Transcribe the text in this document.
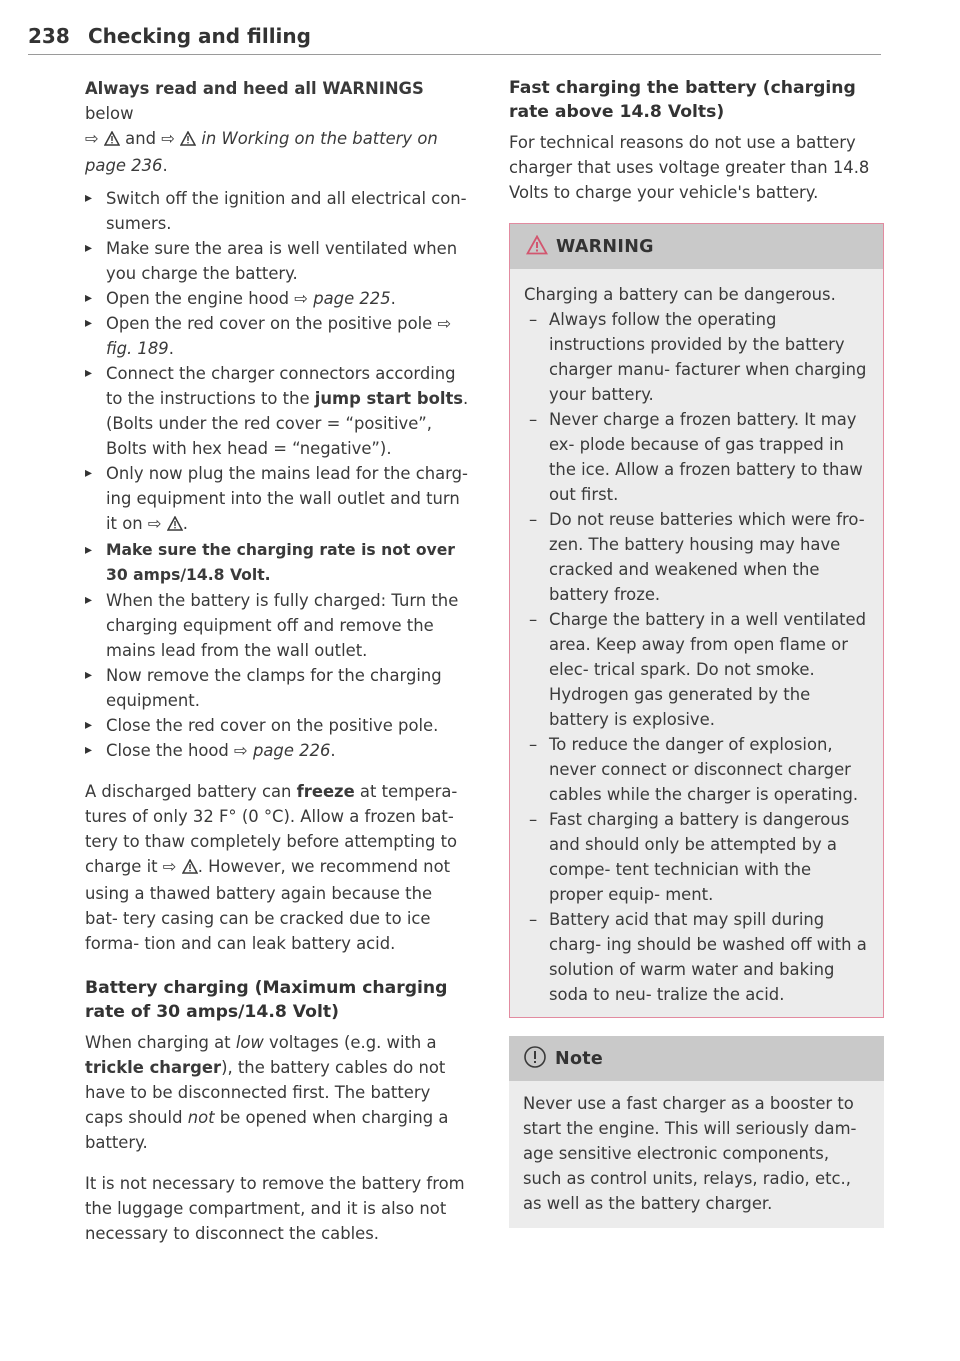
238 Checking and filling

Always read and heed all WARNINGS below
⇨  and ⇨  in Working on the battery on page 236.

▸ Switch off the ignition and all electrical con- sumers.
▸ Make sure the area is well ventilated when you charge the battery.
▸ Open the engine hood ⇨ page 225.
▸ Open the red cover on the positive pole ⇨ fig. 189.
▸ Connect the charger connectors according to the instructions to the jump start bolts. (Bolts under the red cover = “positive”, Bolts with hex head = “negative”).
▸ Only now plug the mains lead for the charg- ing equipment into the wall outlet and turn it on ⇨ .
▸ Make sure the charging rate is not over 30 amps/14.8 Volt.
▸ When the battery is fully charged: Turn the charging equipment off and remove the mains lead from the wall outlet.
▸ Now remove the clamps for the charging equipment.
▸ Close the red cover on the positive pole.
▸ Close the hood ⇨ page 226.

A discharged battery can freeze at tempera- tures of only 32 F° (0 °C). Allow a frozen bat- tery to thaw completely before attempting to charge it ⇨ . However, we recommend not using a thawed battery again because the bat- tery casing can be cracked due to ice forma- tion and can leak battery acid.

Battery charging (Maximum charging rate of 30 amps/14.8 Volt)

When charging at low voltages (e.g. with a trickle charger), the battery cables do not have to be disconnected first. The battery caps should not be opened when charging a battery.

It is not necessary to remove the battery from the luggage compartment, and it is also not necessary to disconnect the cables.

Fast charging the battery (charging rate above 14.8 Volts)

For technical reasons do not use a battery charger that uses voltage greater than 14.8 Volts to charge your vehicle's battery.

WARNING

Charging a battery can be dangerous.

– Always follow the operating instructions provided by the battery charger manu- facturer when charging your battery.
– Never charge a frozen battery. It may ex- plode because of gas trapped in the ice. Allow a frozen battery to thaw out first.
– Do not reuse batteries which were fro- zen. The battery housing may have cracked and weakened when the battery froze.
– Charge the battery in a well ventilated area. Keep away from open flame or elec- trical spark. Do not smoke. Hydrogen gas generated by the battery is explosive.
– To reduce the danger of explosion, never connect or disconnect charger cables while the charger is operating.
– Fast charging a battery is dangerous and should only be attempted by a compe- tent technician with the proper equip- ment.
– Battery acid that may spill during charg- ing should be washed off with a solution of warm water and baking soda to neu- tralize the acid.
Note

Never use a fast charger as a booster to start the engine. This will seriously dam- age sensitive electronic components, such as control units, relays, radio, etc., as well as the battery charger.
